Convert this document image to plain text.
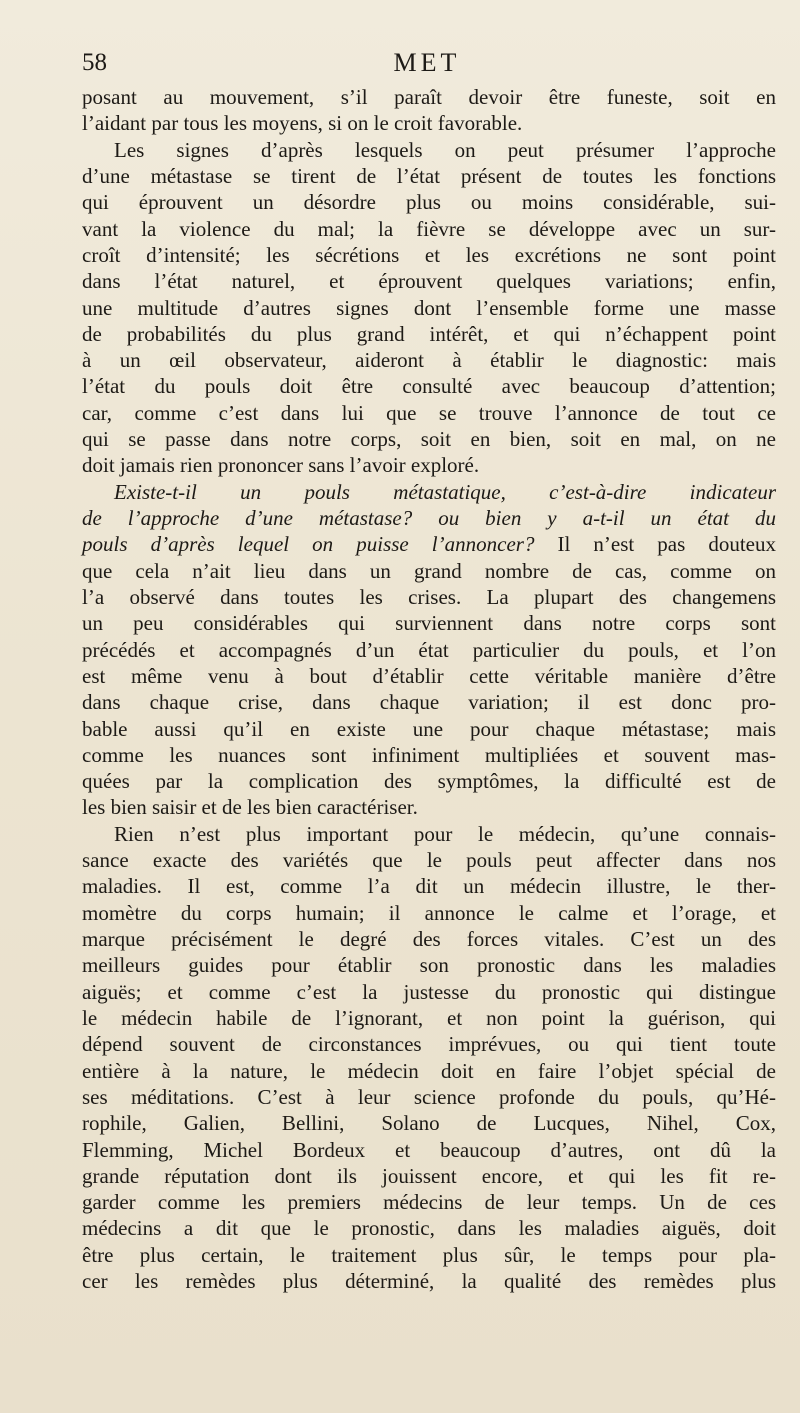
58	MET
posant au mouvement, s’il paraît devoir être funeste, soit en
l’aidant par tous les moyens, si on le croit favorable.
Les signes d’après lesquels on peut présumer l’approche
d’une métastase se tirent de l’état présent de toutes les fonctions
qui éprouvent un désordre plus ou moins considérable, sui-
vant la violence du mal; la fièvre se développe avec un sur-
croît d’intensité; les sécrétions et les excrétions ne sont point
dans l’état naturel, et éprouvent quelques variations; enfin,
une multitude d’autres signes dont l’ensemble forme une masse
de probabilités du plus grand intérêt, et qui n’échappent point
à un œil observateur, aideront à établir le diagnostic: mais
l’état du pouls doit être consulté avec beaucoup d’attention;
car, comme c’est dans lui que se trouve l’annonce de tout ce
qui se passe dans notre corps, soit en bien, soit en mal, on ne
doit jamais rien prononcer sans l’avoir exploré.
Existe-t-il un pouls métastatique, c’est-à-dire indicateur
de l’approche d’une métastase? ou bien y a-t-il un état du
pouls d’après lequel on puisse l’annoncer? Il n’est pas douteux
que cela n’ait lieu dans un grand nombre de cas, comme on
l’a observé dans toutes les crises. La plupart des changemens
un peu considérables qui surviennent dans notre corps sont
précédés et accompagnés d’un état particulier du pouls, et l’on
est même venu à bout d’établir cette véritable manière d’être
dans chaque crise, dans chaque variation; il est donc pro-
bable aussi qu’il en existe une pour chaque métastase; mais
comme les nuances sont infiniment multipliées et souvent mas-
quées par la complication des symptômes, la difficulté est de
les bien saisir et de les bien caractériser.
Rien n’est plus important pour le médecin, qu’une connais-
sance exacte des variétés que le pouls peut affecter dans nos
maladies. Il est, comme l’a dit un médecin illustre, le ther-
momètre du corps humain; il annonce le calme et l’orage, et
marque précisément le degré des forces vitales. C’est un des
meilleurs guides pour établir son pronostic dans les maladies
aiguës; et comme c’est la justesse du pronostic qui distingue
le médecin habile de l’ignorant, et non point la guérison, qui
dépend souvent de circonstances imprévues, ou qui tient toute
entière à la nature, le médecin doit en faire l’objet spécial de
ses méditations. C’est à leur science profonde du pouls, qu’Hé-
rophile, Galien, Bellini, Solano de Lucques, Nihel, Cox,
Flemming, Michel Bordeux et beaucoup d’autres, ont dû la
grande réputation dont ils jouissent encore, et qui les fit re-
garder comme les premiers médecins de leur temps. Un de ces
médecins a dit que le pronostic, dans les maladies aiguës, doit
être plus certain, le traitement plus sûr, le temps pour pla-
cer les remèdes plus déterminé, la qualité des remèdes plus
